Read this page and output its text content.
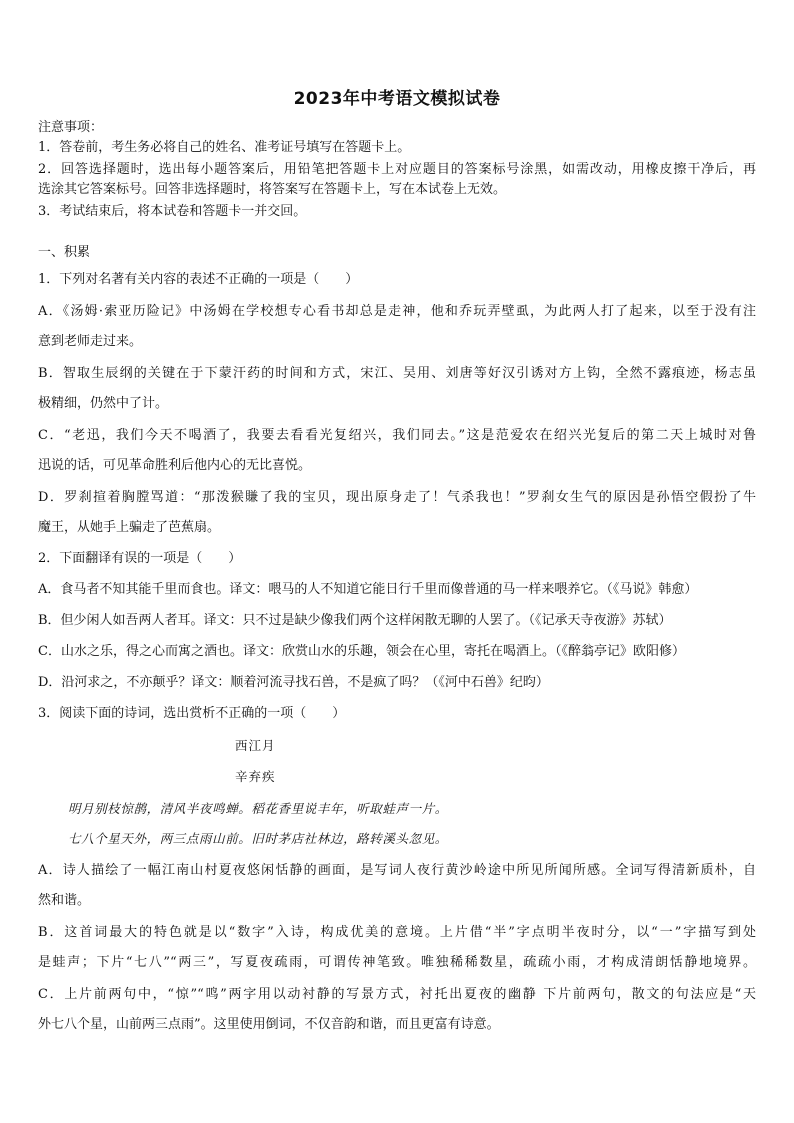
2023年中考语文模拟试卷
注意事项：
1．答卷前，考生务必将自己的姓名、准考证号填写在答题卡上。
2．回答选择题时，选出每小题答案后，用铅笔把答题卡上对应题目的答案标号涂黑，如需改动，用橡皮擦干净后，再
选涂其它答案标号。回答非选择题时，将答案写在答题卡上，写在本试卷上无效。
3．考试结束后，将本试卷和答题卡一并交回。
一、积累
1．下列对名著有关内容的表述不正确的一项是（　　）
A．《汤姆·索亚历险记》中汤姆在学校想专心看书却总是走神，他和乔玩弄壁虱，为此两人打了起来，以至于没有注
意到老师走过来。
B．智取生辰纲的关键在于下蒙汗药的时间和方式，宋江、吴用、刘唐等好汉引诱对方上钩，全然不露痕迹，杨志虽
极精细，仍然中了计。
C．“老迅，我们今天不喝酒了，我要去看看光复绍兴，我们同去。”这是范爱农在绍兴光复后的第二天上城时对鲁
迅说的话，可见革命胜利后他内心的无比喜悦。
D．罗刹揎着胸膛骂道：“那泼猴賺了我的宝贝，现出原身走了！气杀我也！”罗刹女生气的原因是孙悟空假扮了牛
魔王，从她手上骗走了芭蕉扇。
2．下面翻译有误的一项是（　　）
A．食马者不知其能千里而食也。译文：喂马的人不知道它能日行千里而像普通的马一样来喂养它。（《马说》韩愈）
B．但少闲人如吾两人者耳。译文：只不过是缺少像我们两个这样闲散无聊的人罢了。（《记承天寺夜游》苏轼）
C．山水之乐，得之心而寓之酒也。译文：欣赏山水的乐趣，领会在心里，寄托在喝酒上。（《醉翁亭记》欧阳修）
D．沿河求之，不亦颠乎？译文：顺着河流寻找石兽，不是疯了吗？（《河中石兽》纪昀）
3．阅读下面的诗词，选出赏析不正确的一项（　　）
西江月
辛弃疾
明月别枝惊鹊，清风半夜鸣蝉。稻花香里说丰年，听取蛙声一片。
七八个星天外，两三点雨山前。旧时茅店社林边，路转溪头忽见。
A．诗人描绘了一幅江南山村夏夜悠闲恬静的画面，是写词人夜行黄沙岭途中所见所闻所感。全词写得清新质朴，自
然和谐。
B．这首词最大的特色就是以“数字”入诗，构成优美的意境。上片借“半”字点明半夜时分，以“一”字描写到处
是蛙声；下片“七八”“两三”，写夏夜疏雨，可谓传神笔致。唯独稀稀数星，疏疏小雨，才构成清朗恬静地境界。
C．上片前两句中，“惊”“鸣”两字用以动衬静的写景方式，衬托出夏夜的幽静 下片前两句，散文的句法应是“天
外七八个星，山前两三点雨”。这里使用倒词，不仅音韵和谐，而且更富有诗意。
